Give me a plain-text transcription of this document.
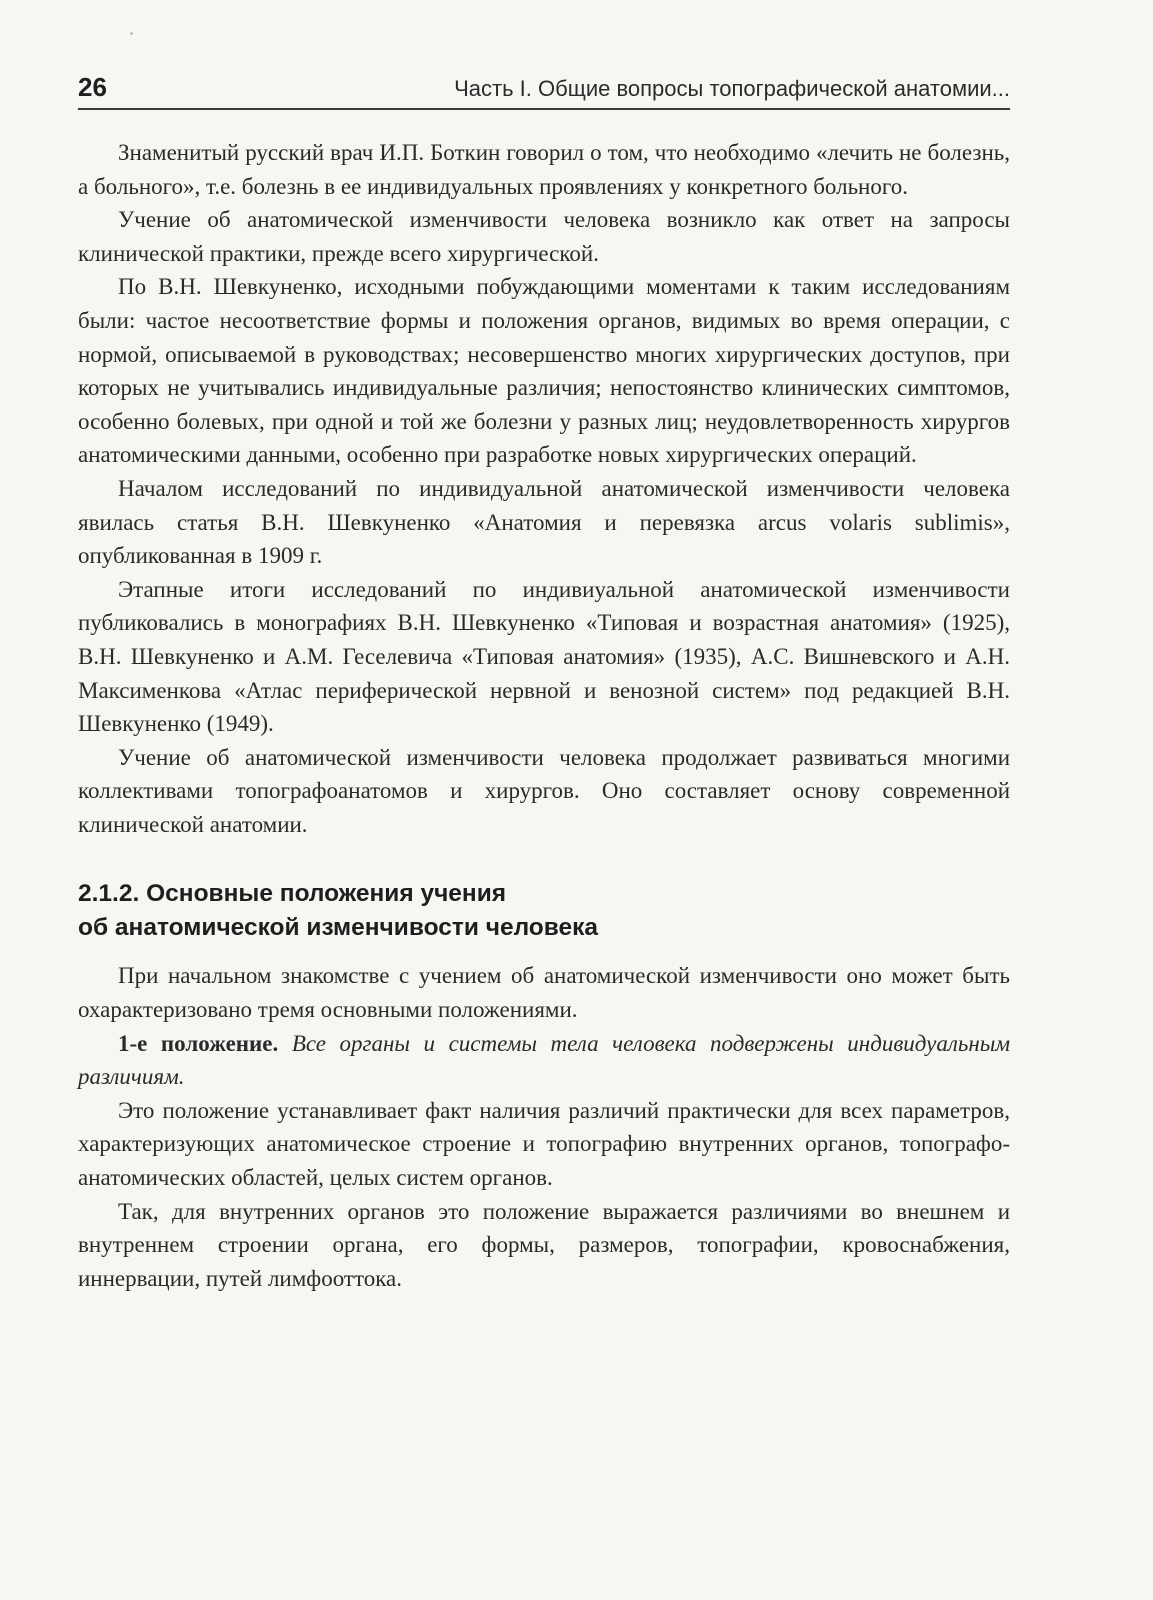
26	Часть I. Общие вопросы топографической анатомии...

Знаменитый русский врач И.П. Боткин говорил о том, что необходимо «лечить не болезнь, а больного», т.е. болезнь в ее индивидуальных проявлениях у конкретного больного.

Учение об анатомической изменчивости человека возникло как ответ на запросы клинической практики, прежде всего хирургической.

По В.Н. Шевкуненко, исходными побуждающими моментами к таким исследованиям были: частое несоответствие формы и положения органов, видимых во время операции, с нормой, описываемой в руководствах; несовершенство многих хирургических доступов, при которых не учитывались индивидуальные различия; непостоянство клинических симптомов, особенно болевых, при одной и той же болезни у разных лиц; неудовлетворенность хирургов анатомическими данными, особенно при разработке новых хирургических операций.

Началом исследований по индивидуальной анатомической изменчивости человека явилась статья В.Н. Шевкуненко «Анатомия и перевязка arcus volaris sublimis», опубликованная в 1909 г.

Этапные итоги исследований по индивиуальной анатомической изменчивости публиковались в монографиях В.Н. Шевкуненко «Типовая и возрастная анатомия» (1925), В.Н. Шевкуненко и А.М. Геселевича «Типовая анатомия» (1935), А.С. Вишневского и А.Н. Максименкова «Атлас периферической нервной и венозной систем» под редакцией В.Н. Шевкуненко (1949).

Учение об анатомической изменчивости человека продолжает развиваться многими коллективами топографоанатомов и хирургов. Оно составляет основу современной клинической анатомии.

2.1.2. Основные положения учения
об анатомической изменчивости человека

При начальном знакомстве с учением об анатомической изменчивости оно может быть охарактеризовано тремя основными положениями.

1-е положение. Все органы и системы тела человека подвержены индивидуальным различиям.

Это положение устанавливает факт наличия различий практически для всех параметров, характеризующих анатомическое строение и топографию внутренних органов, топографо-анатомических областей, целых систем органов.

Так, для внутренних органов это положение выражается различиями во внешнем и внутреннем строении органа, его формы, размеров, топографии, кровоснабжения, иннервации, путей лимфооттока.
